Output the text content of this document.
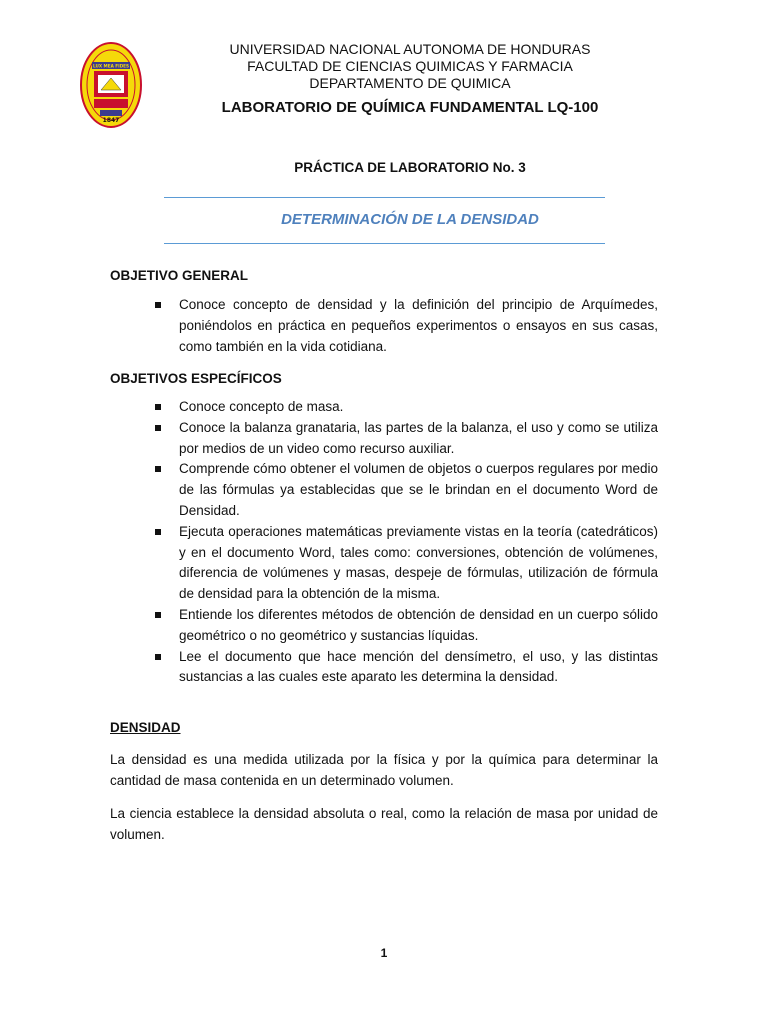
LUX MEA FIDES
1847
UNIVERSIDAD NACIONAL AUTONOMA DE HONDURAS
FACULTAD DE CIENCIAS QUIMICAS Y FARMACIA
DEPARTAMENTO DE QUIMICA
LABORATORIO DE QUÍMICA FUNDAMENTAL LQ-100
PRÁCTICA DE LABORATORIO No. 3
DETERMINACIÓN DE LA DENSIDAD
OBJETIVO GENERAL
Conoce concepto de densidad y la definición del principio de Arquímedes, poniéndolos en práctica en pequeños experimentos o ensayos en sus casas, como también en la vida cotidiana.
OBJETIVOS ESPECÍFICOS
Conoce concepto de masa.
Conoce la balanza granataria, las partes de la balanza, el uso y como se utiliza por medios de un video como recurso auxiliar.
Comprende cómo obtener el volumen de objetos o cuerpos regulares por medio de las fórmulas ya establecidas que se le brindan en el documento Word de Densidad.
Ejecuta operaciones matemáticas previamente vistas en la teoría (catedráticos) y en el documento Word, tales como: conversiones, obtención de volúmenes, diferencia de volúmenes y masas, despeje de fórmulas, utilización de fórmula de densidad para la obtención de la misma.
Entiende los diferentes métodos de obtención de densidad en un cuerpo sólido geométrico o no geométrico y sustancias líquidas.
Lee el documento que hace mención del densímetro, el uso, y las distintas sustancias a las cuales este aparato les determina la densidad.
DENSIDAD

La densidad es una medida utilizada por la física y por la química para determinar la cantidad de masa contenida en un determinado volumen.

La ciencia establece la densidad absoluta o real, como la relación de masa por unidad de volumen.

1
